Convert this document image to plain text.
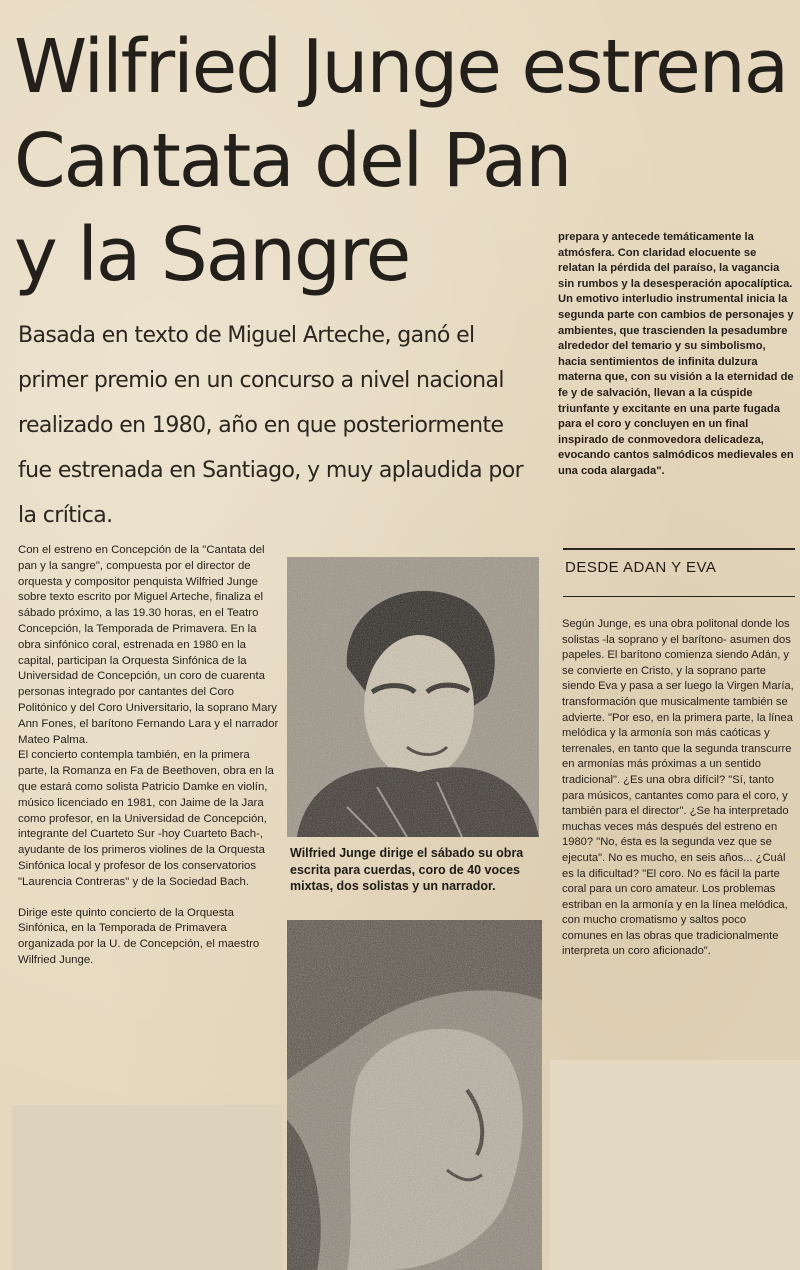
Wilfried Junge estrena
Cantata del Pan
y la Sangre

Basada en texto de Miguel Arteche, ganó el primer premio en un concurso a nivel nacional realizado en 1980, año en que posteriormente fue estrenada en Santiago, y muy aplaudida por la crítica.

Con el estreno en Concepción de la "Cantata del pan y la sangre", compuesta por el director de orquesta y compositor penquista Wilfried Junge sobre texto escrito por Miguel Arteche, finaliza el sábado próximo, a las 19.30 horas, en el Teatro Concepción, la Temporada de Primavera. En la obra sinfónico coral, estrenada en 1980 en la capital, participan la Orquesta Sinfónica de la Universidad de Concepción, un coro de cuarenta personas integrado por cantantes del Coro Politónico y del Coro Universitario, la soprano Mary Ann Fones, el barítono Fernando Lara y el narrador Mateo Palma.

El concierto contempla también, en la primera parte, la Romanza en Fa de Beethoven, obra en la que estará como solista Patricio Damke en violín, músico licenciado en 1981, con Jaime de la Jara como profesor, en la Universidad de Concepción, integrante del Cuarteto Sur -hoy Cuarteto Bach-, ayudante de los primeros violines de la Orquesta Sinfónica local y profesor de los conservatorios "Laurencia Contreras" y de la Sociedad Bach.

Dirige este quinto concierto de la Orquesta Sinfónica, en la Temporada de Primavera organizada por la U. de Concepción, el maestro Wilfried Junge.

Wilfried Junge dirige el sábado su obra escrita para cuerdas, coro de 40 voces mixtas, dos solistas y un narrador.

prepara y antecede temáticamente la atmósfera. Con claridad elocuente se relatan la pérdida del paraíso, la vagancia sin rumbos y la desesperación apocalíptica. Un emotivo interludio instrumental inicia la segunda parte con cambios de personajes y ambientes, que trascienden la pesadumbre alrededor del temario y su simbolismo, hacia sentimientos de infinita dulzura materna que, con su visión a la eternidad de fe y de salvación, llevan a la cúspide triunfante y excitante en una parte fugada para el coro y concluyen en un final inspirado de conmovedora delicadeza, evocando cantos salmódicos medievales en una coda alargada".

DESDE ADAN Y EVA

Según Junge, es una obra politonal donde los solistas -la soprano y el barítono- asumen dos papeles. El barítono comienza siendo Adán, y se convierte en Cristo, y la soprano parte siendo Eva y pasa a ser luego la Virgen María, transformación que musicalmente también se advierte. "Por eso, en la primera parte, la línea melódica y la armonía son más caóticas y terrenales, en tanto que la segunda transcurre en armonías más próximas a un sentido tradicional". ¿Es una obra difícil? "Sí, tanto para músicos, cantantes como para el coro, y también para el director". ¿Se ha interpretado muchas veces más después del estreno en 1980? "No, ésta es la segunda vez que se ejecuta". No es mucho, en seis años... ¿Cuál es la dificultad? "El coro. No es fácil la parte coral para un coro amateur. Los problemas estriban en la armonía y en la línea melódica, con mucho cromatismo y saltos poco comunes en las obras que tradicionalmente interpreta un coro aficionado".
